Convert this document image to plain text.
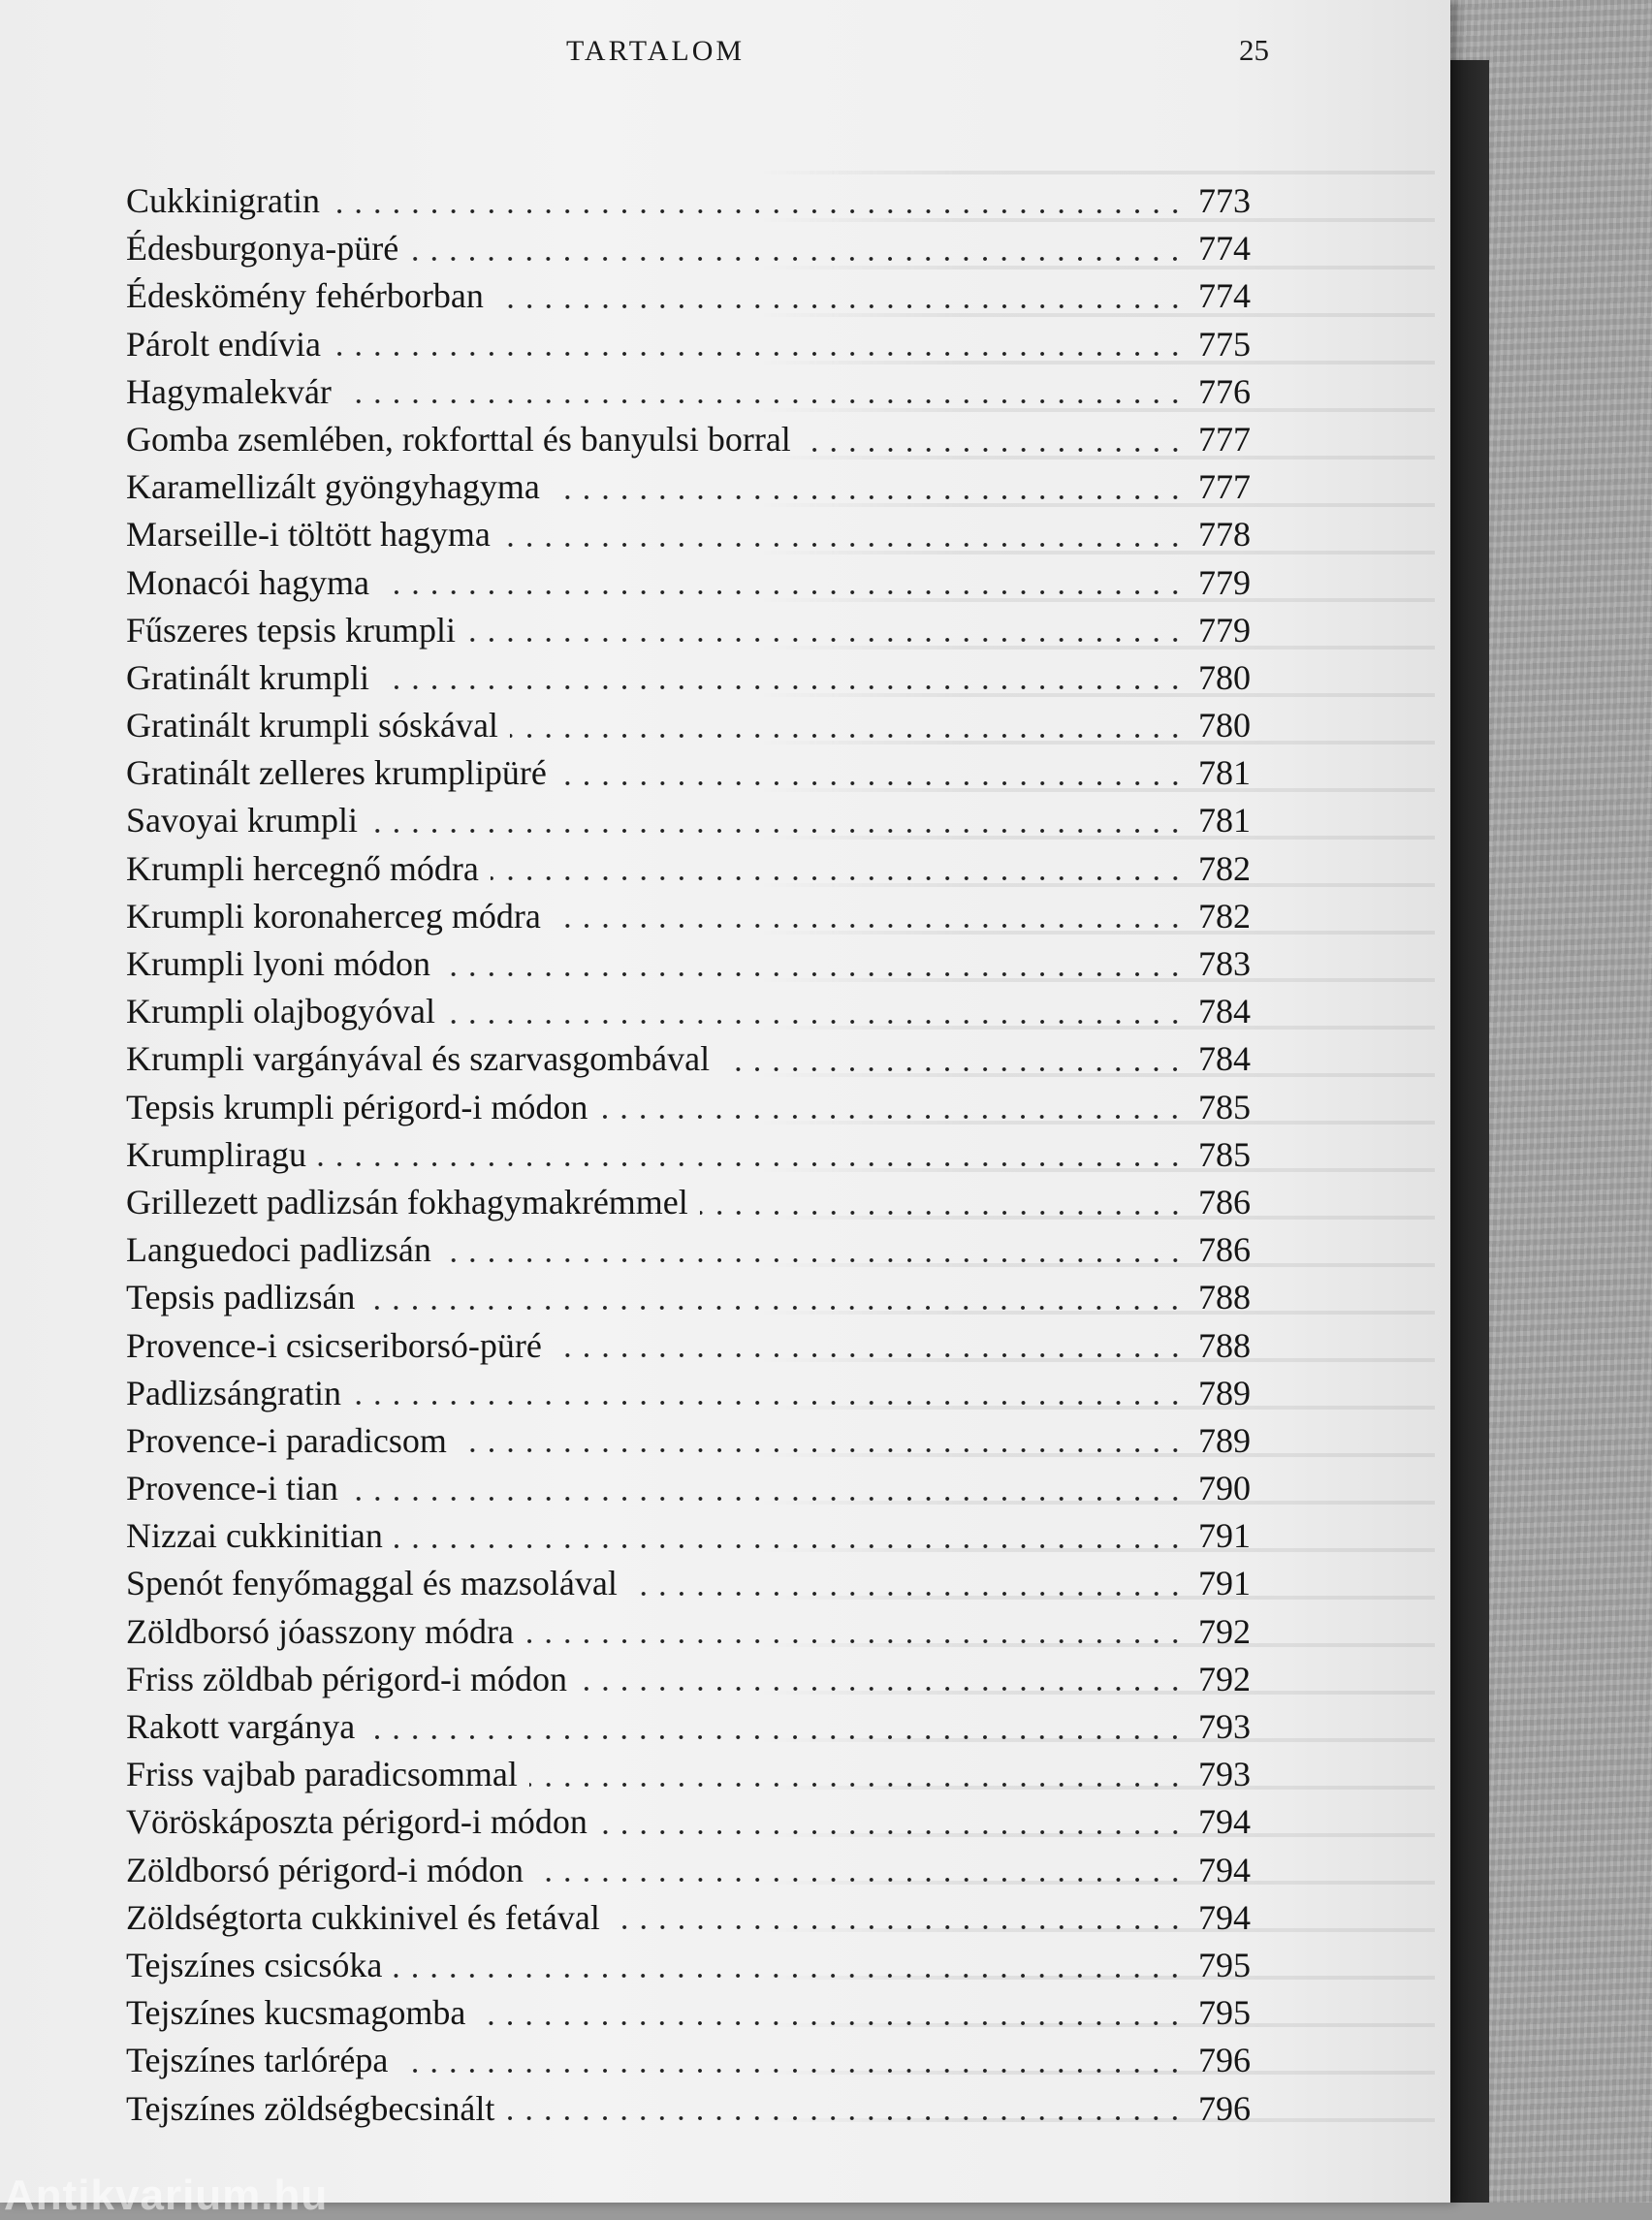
TARTALOM	25
Cukkinigratin	773
Édesburgonya-püré	774
Édeskömény fehérborban	774
Párolt endívia	775
Hagymalekvár	776
Gomba zsemlében, rokforttal és banyulsi borral	777
Karamellizált gyöngyhagyma	777
Marseille-i töltött hagyma	778
Monacói hagyma	779
Fűszeres tepsis krumpli	779
Gratinált krumpli	780
Gratinált krumpli sóskával	780
Gratinált zelleres krumplipüré	781
Savoyai krumpli	781
Krumpli hercegnő módra	782
Krumpli koronaherceg módra	782
Krumpli lyoni módon	783
Krumpli olajbogyóval	784
Krumpli vargányával és szarvasgombával	784
Tepsis krumpli périgord-i módon	785
Krumpliragu	785
Grillezett padlizsán fokhagymakrémmel	786
Languedoci padlizsán	786
Tepsis padlizsán	788
Provence-i csicseriborsó-püré	788
Padlizsángratin	789
Provence-i paradicsom	789
Provence-i tian	790
Nizzai cukkinitian	791
Spenót fenyőmaggal és mazsolával	791
Zöldborsó jóasszony módra	792
Friss zöldbab périgord-i módon	792
Rakott vargánya	793
Friss vajbab paradicsommal	793
Vöröskáposzta périgord-i módon	794
Zöldborsó périgord-i módon	794
Zöldségtorta cukkinivel és fetával	794
Tejszínes csicsóka	795
Tejszínes kucsmagomba	795
Tejszínes tarlórépa	796
Tejszínes zöldségbecsinált	796
Antikvarium.hu
